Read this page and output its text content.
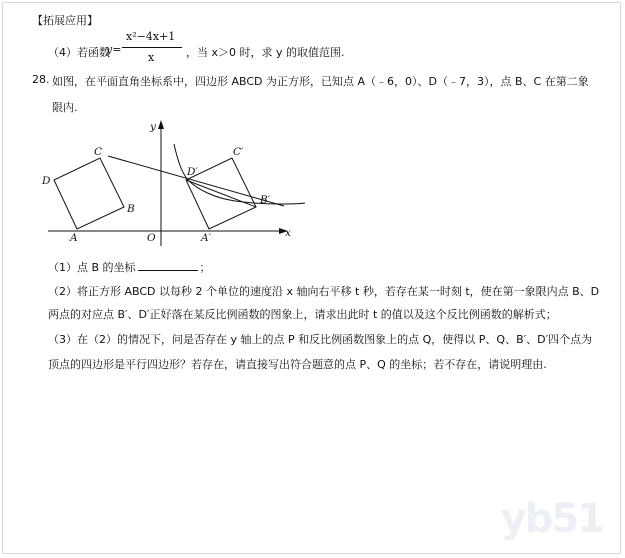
【拓展应用】
（4）若函数
y=
x²−4x+1
x	，当 x＞0 时，求 y 的取值范围.
28. 如图，在平面直角坐标系中，四边形 ABCD 为正方形，已知点 A（﹣6，0）、D（﹣7，3），点 B、C 在第二象
限内.
y
x
O
A
B
C
D
A′
B′
C′
D′
（1）点 B 的坐标	；
（2）将正方形 ABCD 以每秒 2 个单位的速度沿 x 轴向右平移 t 秒，若存在某一时刻 t，使在第一象限内点 B、D
两点的对应点 B′、D′正好落在某反比例函数的图象上，请求出此时 t 的值以及这个反比例函数的解析式；
（3）在（2）的情况下，问是否存在 y 轴上的点 P 和反比例函数图象上的点 Q，使得以 P、Q、B′、D′四个点为
顶点的四边形是平行四边形？若存在，请直接写出符合题意的点 P、Q 的坐标；若不存在，请说明理由.
yb51
